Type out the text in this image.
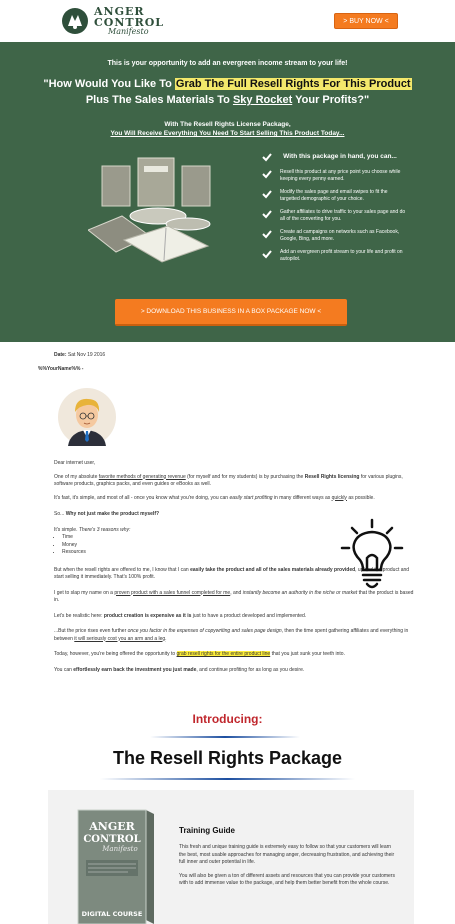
ANGER
CONTROL
Manifesto
> BUY NOW <
This is your opportunity to add an evergreen income stream to your life!
"How Would You Like To Grab The Full Resell Rights For This Product Plus The Sales Materials To Sky Rocket Your Profits?"
With The Resell Rights License Package,
You Will Receive Everything You Need To Start Selling This Product Today...
With this package in hand, you can...
Resell this product at any price point you choose while keeping every penny earned.
Modify the sales page and email swipes to fit the targetted demographic of your choice.
Gather affiliates to drive traffic to your sales page and do all of the converting for you.
Create ad campaigns on networks such as Facebook, Google, Bing, and more.
Add an evergreen profit stream to your life and profit on autopilot.
> DOWNLOAD THIS BUSINESS IN A BOX PACKAGE NOW <

Date: Sat Nov 19 2016

%%YourName%% -

Dear internet user,

One of my absolute favorite methods of generating revenue (for myself and for my students) is by purchasing the Resell Rights licensing for various plugins, software products, graphics packs, and even guides or eBooks as well.

It's fast, it's simple, and most of all - once you know what you're doing, you can easily start profiting in many different ways as quickly as possible.

So... Why not just make the product myself?

It's simple. There's 3 reasons why:

• Time
• Money
• Resources

But when the resell rights are offered to me, I know that I can easily take the product and all of the sales materials already provided, upload the product and start selling it immediately. That's 100% profit.

I get to slap my name on a proven product with a sales funnel completed for me, and instantly become an authority in the niche or market that the product is based in.

Let's be realistic here: product creation is expensive as it is just to have a product developed and implemented.

...But the price rises even further once you factor in the expenses of copywriting and sales page design, then the time spent gathering affiliates and everything in between it will seriously cost you an arm and a leg.

Today, however, you're being offered the opportunity to grab resell rights for the entire product line that you just sunk your teeth into.

You can effortlessly earn back the investment you just made, and continue profiting for as long as you desire.

Introducing:
The Resell Rights Package
ANGER
CONTROL
Manifesto
DIGITAL COURSE
Training Guide

This fresh and unique training guide is extremely easy to follow so that your customers will learn the best, most usable approaches for managing anger, decreasing frustration, and achieving their full inner and outer potential in life.

You will also be given a ton of different assets and resources that you can provide your customers with to add immense value to the package, and help them better benefit from the whole course.
